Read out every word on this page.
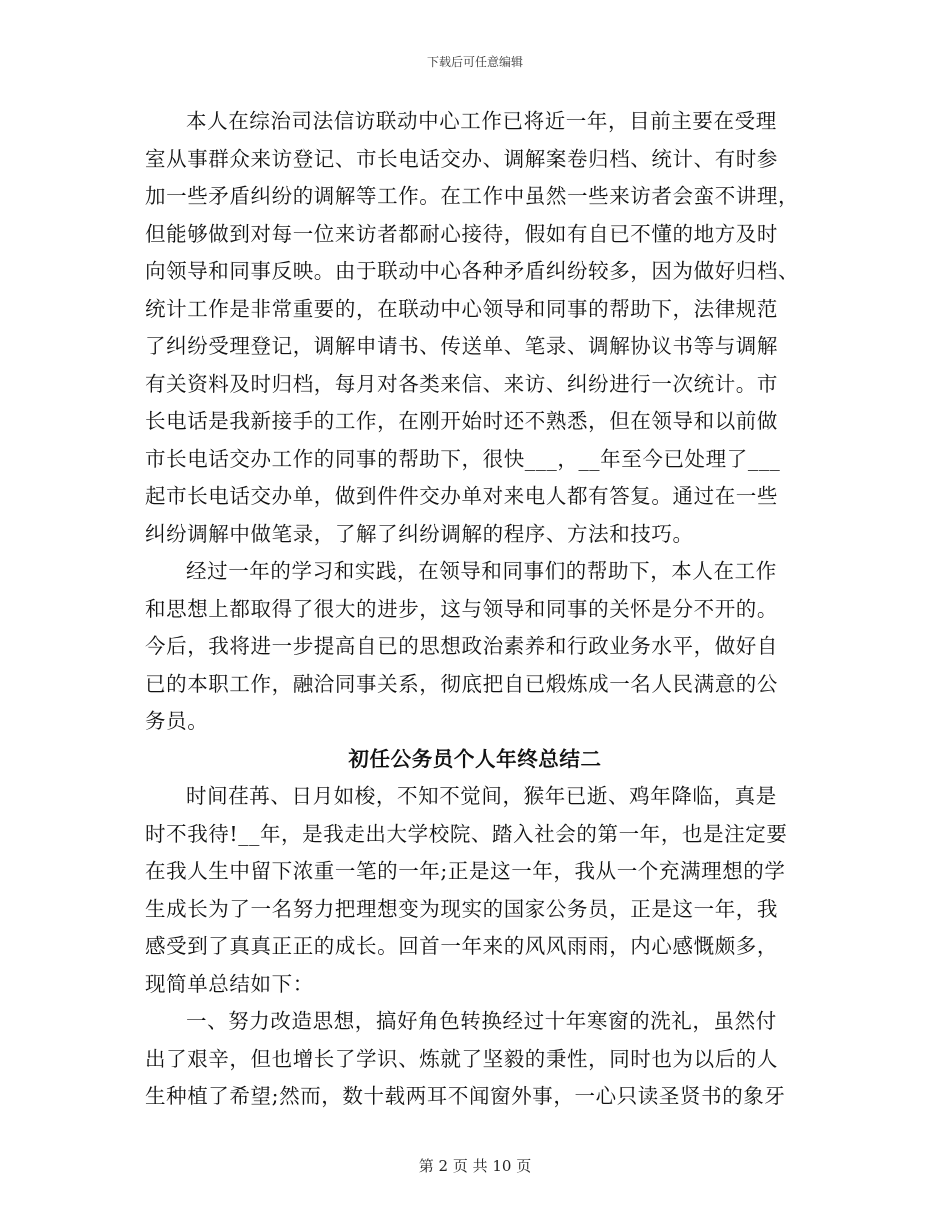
下载后可任意编辑
本人在综治司法信访联动中心工作已将近一年，目前主要在受理
室从事群众来访登记、市长电话交办、调解案卷归档、统计、有时参
加一些矛盾纠纷的调解等工作。在工作中虽然一些来访者会蛮不讲理，
但能够做到对每一位来访者都耐心接待，假如有自已不懂的地方及时
向领导和同事反映。由于联动中心各种矛盾纠纷较多，因为做好归档、
统计工作是非常重要的，在联动中心领导和同事的帮助下，法律规范
了纠纷受理登记，调解申请书、传送单、笔录、调解协议书等与调解
有关资料及时归档，每月对各类来信、来访、纠纷进行一次统计。市
长电话是我新接手的工作，在刚开始时还不熟悉，但在领导和以前做
市长电话交办工作的同事的帮助下，很快___，__年至今已处理了___
起市长电话交办单，做到件件交办单对来电人都有答复。通过在一些
纠纷调解中做笔录，了解了纠纷调解的程序、方法和技巧。
经过一年的学习和实践，在领导和同事们的帮助下，本人在工作
和思想上都取得了很大的进步，这与领导和同事的关怀是分不开的。
今后，我将进一步提高自已的思想政治素养和行政业务水平，做好自
已的本职工作，融洽同事关系，彻底把自已煅炼成一名人民满意的公
务员。
初任公务员个人年终总结二
时间荏苒、日月如梭，不知不觉间，猴年已逝、鸡年降临，真是
时不我待!__年，是我走出大学校院、踏入社会的第一年，也是注定要
在我人生中留下浓重一笔的一年;正是这一年，我从一个充满理想的学
生成长为了一名努力把理想变为现实的国家公务员，正是这一年，我
感受到了真真正正的成长。回首一年来的风风雨雨，内心感慨颇多，
现简单总结如下：
一、努力改造思想，搞好角色转换经过十年寒窗的洗礼，虽然付
出了艰辛，但也增长了学识、炼就了坚毅的秉性，同时也为以后的人
生种植了希望;然而，数十载两耳不闻窗外事，一心只读圣贤书的象牙
第 2 页 共 10 页
